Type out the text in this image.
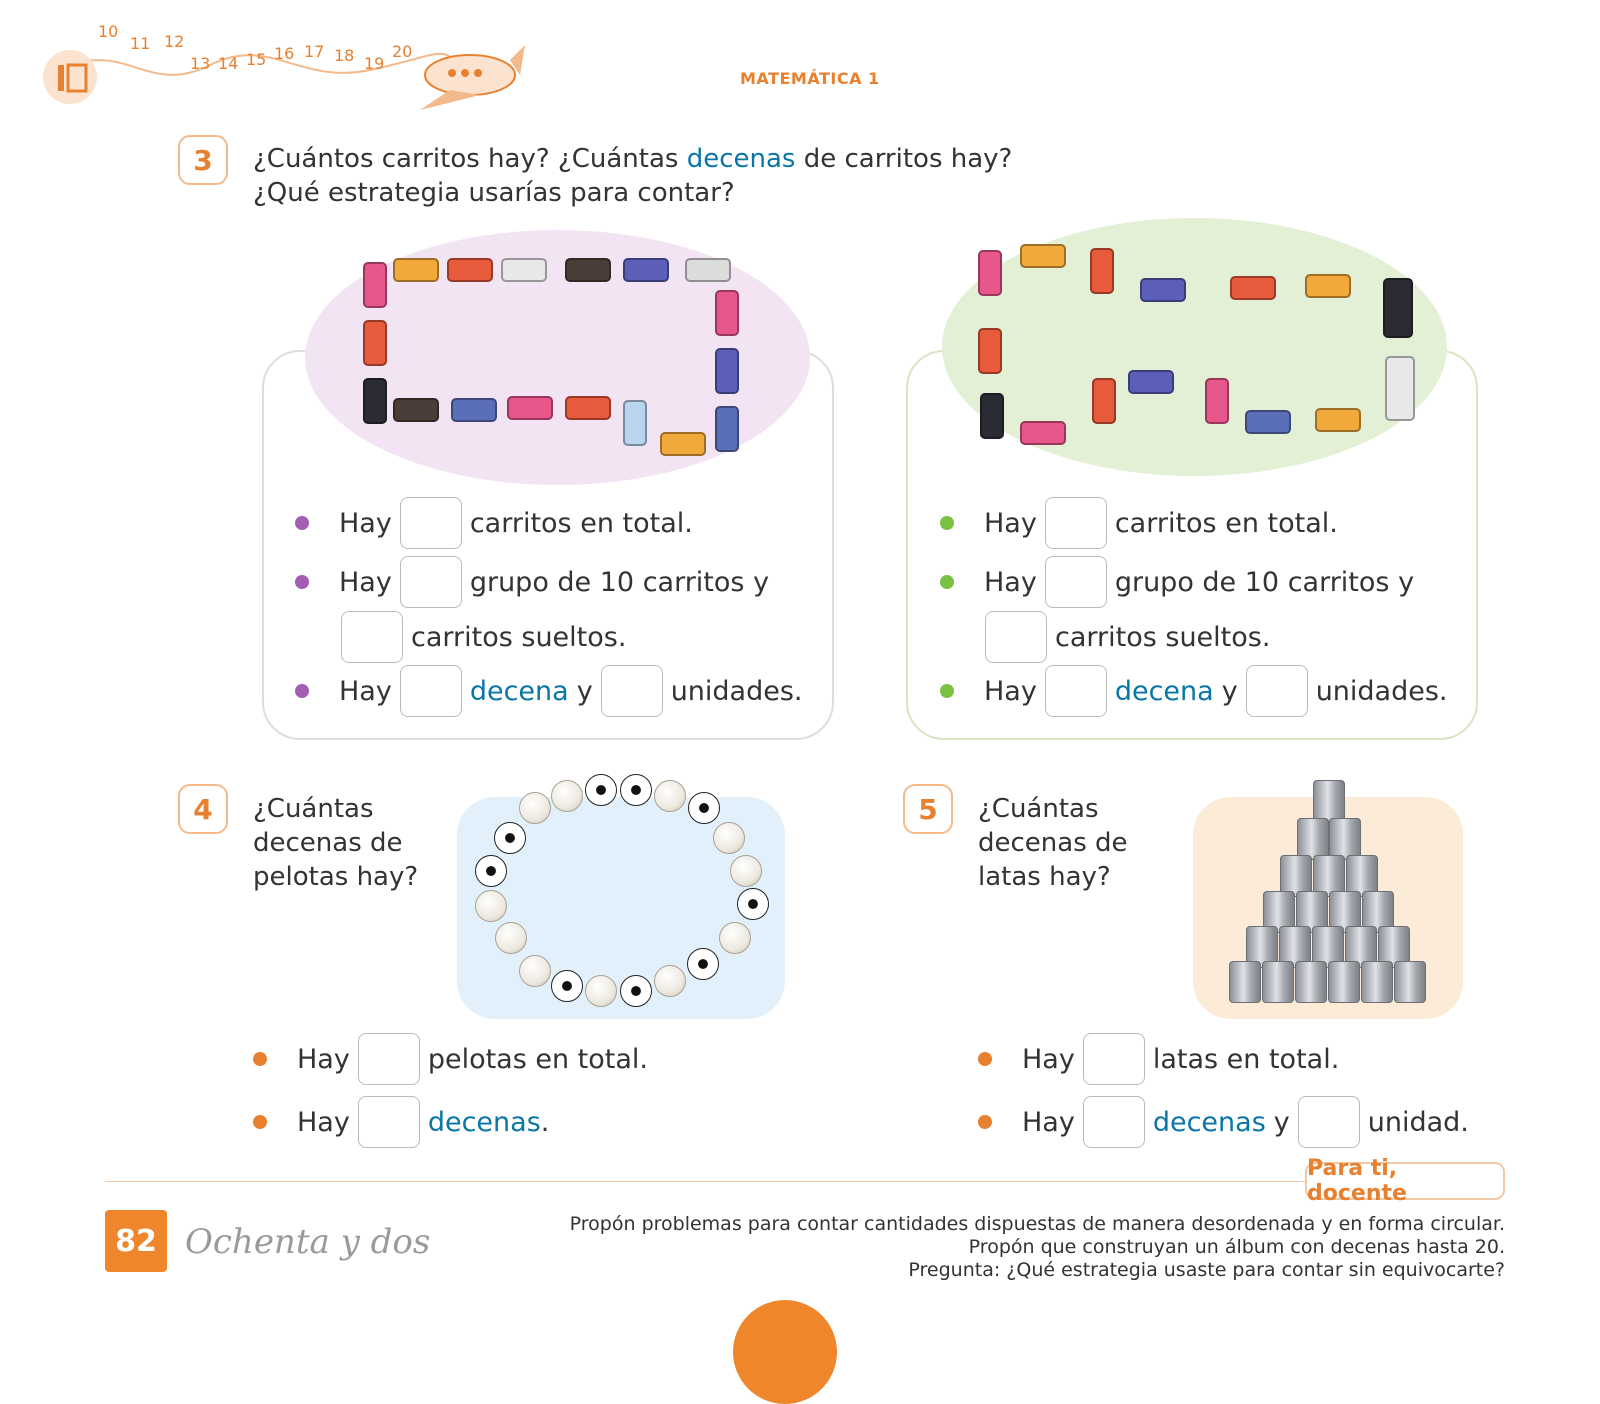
10
11 12
13 14 15 16 17 18 19
20
MATEMÁTICA 1
3	¿Cuántos carritos hay? ¿Cuántas decenas de carritos hay?
¿Qué estrategia usarías para contar?
Hay	carritos en total.
Hay	grupo de 10 carritos y
carritos sueltos.
Hay	decena y	unidades.
Hay	carritos en total.
Hay	grupo de 10 carritos y
carritos sueltos.
Hay	decena y	unidades.
4	¿Cuántas
decenas de
pelotas hay?
Hay	pelotas en total.
Hay	decenas .
5	¿Cuántas
decenas de
latas hay?
Hay	latas en total.
Hay	decenas y	unidad.
Para ti, docente
82 Ochenta y dos	Propón problemas para contar cantidades dispuestas de manera desordenada y en forma circular.
Propón que construyan un álbum con decenas hasta 20.
Pregunta: ¿Qué estrategia usaste para contar sin equivocarte?
